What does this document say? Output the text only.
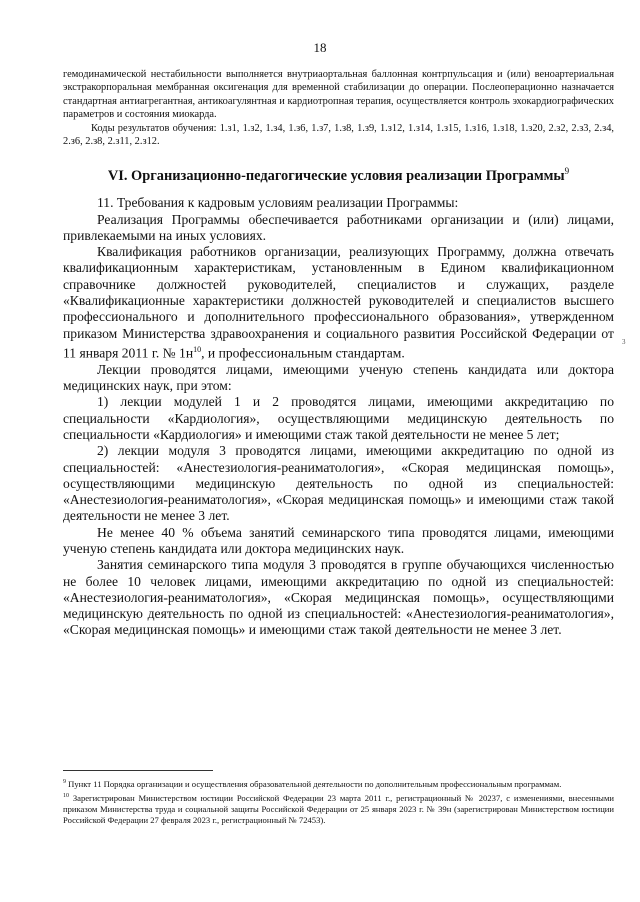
18

гемодинамической нестабильности выполняется внутриаортальная баллонная контрпульсация и (или) веноартериальная экстракорпоральная мембранная оксигенация для временной стабилизации до операции. Послеоперационно назначается стандартная антиагрегантная, антикоагулянтная и кардиотропная терапия, осуществляется контроль эхокардиографических параметров и состояния миокарда.

Коды результатов обучения: 1.з1, 1.з2, 1.з4, 1.з6, 1.з7, 1.з8, 1.з9, 1.з12, 1.з14, 1.з15, 1.з16, 1.з18, 1.з20, 2.з2, 2.з3, 2.з4, 2.з6, 2.з8, 2.з11, 2.з12.

VI. Организационно-педагогические условия реализации Программы$^9$

11. Требования к кадровым условиям реализации Программы:

Реализация Программы обеспечивается работниками организации и (или) лицами, привлекаемыми на иных условиях.

Квалификация работников организации, реализующих Программу, должна отвечать квалификационным характеристикам, установленным в Едином квалификационном справочнике должностей руководителей, специалистов и служащих, разделе «Квалификационные характеристики должностей руководителей и специалистов высшего профессионального и дополнительного профессионального образования», утвержденном приказом Министерства здравоохранения и социального развития Российской Федерации от 11 января 2011 г. № $1н^{10}$, и профессиональным стандартам.

Лекции проводятся лицами, имеющими ученую степень кандидата или доктора медицинских наук, при этом:

1) лекции модулей 1 и 2 проводятся лицами, имеющими аккредитацию по специальности «Кардиология», осуществляющими медицинскую деятельность по специальности «Кардиология» и имеющими стаж такой деятельности не менее 5 лет;

2) лекции модуля 3 проводятся лицами, имеющими аккредитацию по одной из специальностей: «Анестезиология-реаниматология», «Скорая медицинская помощь», осуществляющими медицинскую деятельность по одной из специальностей: «Анестезиология-реаниматология», «Скорая медицинская помощь» и имеющими стаж такой деятельности не менее 3 лет.

Не менее 40 % объема занятий семинарского типа проводятся лицами, имеющими ученую степень кандидата или доктора медицинских наук.

Занятия семинарского типа модуля 3 проводятся в группе обучающихся численностью не более 10 человек лицами, имеющими аккредитацию по одной из специальностей: «Анестезиология-реаниматология», «Скорая медицинская помощь», осуществляющими медицинскую деятельность по одной из специальностей: «Анестезиология-реаниматология», «Скорая медицинская помощь» и имеющими стаж такой деятельности не менее 3 лет.

3

$^9$ Пункт 11 Порядка организации и осуществления образовательной деятельности по дополнительным профессиональным программам.

$^{10}$ Зарегистрирован Министерством юстиции Российской Федерации 23 марта 2011 г., регистрационный № 20237, с изменениями, внесенными приказом Министерства труда и социальной защиты Российской Федерации от 25 января 2023 г. № 39н (зарегистрирован Министерством юстиции Российской Федерации 27 февраля 2023 г., регистрационный № 72453).
